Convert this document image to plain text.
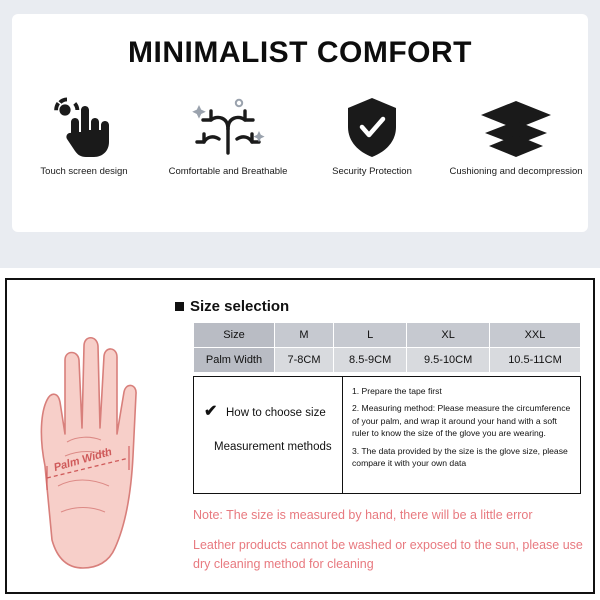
MINIMALIST COMFORT
Touch screen design	Comfortable and Breathable	Security Protection	Cushioning and decompression
Size selection
Palm Width
Size	M	L	XL	XXL
Palm Width	7-8CM	8.5-9CM	9.5-10CM	10.5-11CM
✔ How to choose size
Measurement methods

1. Prepare the tape first

2. Measuring method: Please measure the circumference of your palm, and wrap it around your hand with a soft ruler to know the size of the glove you are wearing.

3. The data provided by the size is the glove size, please compare it with your own data

Note: The size is measured by hand, there will be a little error
Leather products cannot be washed or exposed to the sun, please use dry cleaning method for cleaning
